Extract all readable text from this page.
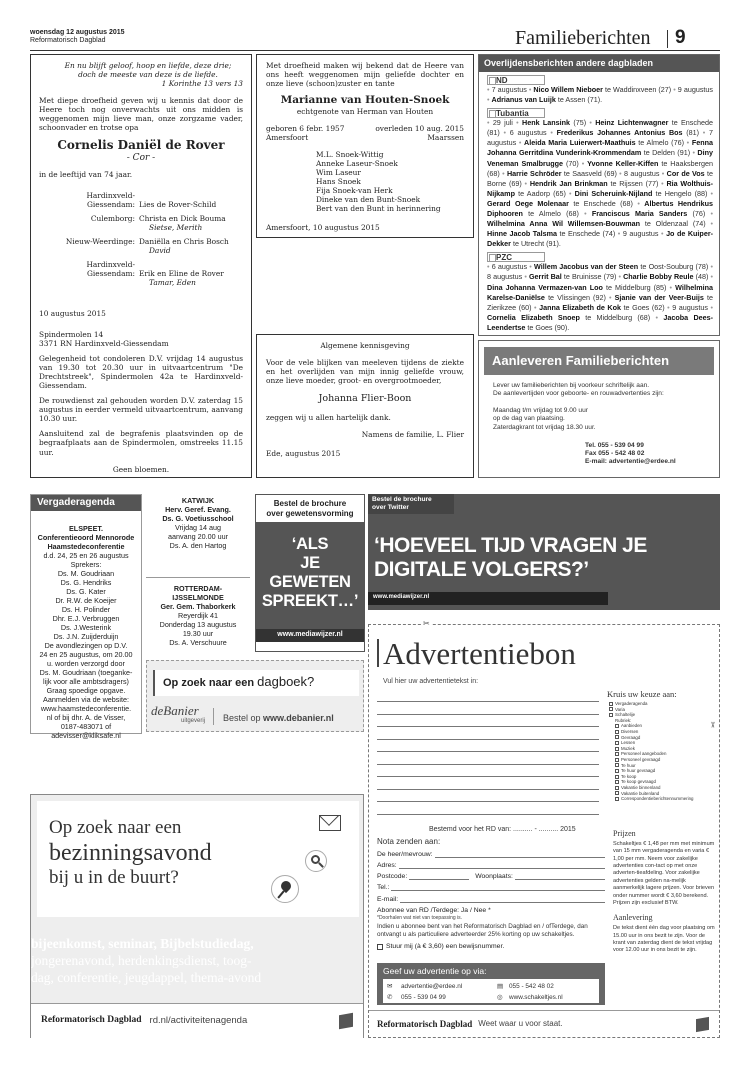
woensdag 12 augustus 2015
Reformatorisch Dagblad	Familieberichten 9
En nu blijft geloof, hoop en liefde, deze drie;
doch de meeste van deze is de liefde.
1 Korinthe 13 vers 13

Met diepe droefheid geven wij u kennis dat door de Heere toch nog onverwachts uit ons midden is weggenomen mijn lieve man, onze zorgzame vader, schoonvader en trotse opa

Cornelis Daniël de Rover
- Cor -

in de leeftijd van 74 jaar.

Hardinxveld-
Giessendam: Lies de Rover-Schild
Culemborg: Christa en Dick Bouma
Sietse, Merith
Nieuw-Weerdinge: Daniëlla en Chris Bosch
David
Hardinxveld-
Giessendam: Erik en Eline de Rover
Tamar, Eden

10 augustus 2015

Spindermolen 14

3371 RN Hardinxveld-Giessendam

Gelegenheid tot condoleren D.V. vrijdag 14 augustus van 19.30 tot 20.30 uur in uitvaartcentrum "De Drechtstreek", Spindermolen 42a te Hardinxveld-Giessendam.

De rouwdienst zal gehouden worden D.V. zaterdag 15 augustus in eerder vermeld uitvaartcentrum, aanvang 10.30 uur.

Aansluitend zal de begrafenis plaatsvinden op de begraafplaats aan de Spindermolen, omstreeks 11.15 uur.

Geen bloemen.

Met droefheid maken wij bekend dat de Heere van ons heeft weggenomen mijn geliefde dochter en onze lieve (schoon)zuster en tante

Marianne van Houten-Snoek
echtgenote van Herman van Houten
geboren 6 febr. 1957	overleden 10 aug. 2015
Amersfoort	Maarssen
M.L. Snoek-Wittig
Anneke Laseur-Snoek
Wim Laseur
Hans Snoek
Fija Snoek-van Herk
Dineke van den Bunt-Snoek
Bert van den Bunt in herinnering
Amersfoort, 10 augustus 2015
Algemene kennisgeving

Voor de vele blijken van meeleven tijdens de ziekte en het overlijden van mijn innig geliefde vrouw, onze lieve moeder, groot- en overgrootmoeder,

Johanna Flier-Boon
zeggen wij u allen hartelijk dank.
Namens de familie, L. Flier
Ede, augustus 2015
Overlijdensberichten andere dagbladen
ND
• 7 augustus • Nico Willem Nieboer te Waddinxveen (27) • 9 augustus • Adrianus van Luijk te Assen (71).
Tubantia
• 29 juli • Henk Lansink (75) • Heinz Lichtenwagner te Enschede (81) • 6 augustus • Frederikus Johannes Antonius Bos (81) • 7 augustus • Aleida Maria Luierwert-Maathuis te Almelo (76) • Fenna Johanna Gerritdina Vunderink-Krommendam te Delden (91) • Diny Veneman Smalbrugge (70) • Yvonne Keller-Kiffen te Haaksbergen (68) • Harrie Schröder te Saasveld (69) • 8 augustus • Cor de Vos te Borne (69) • Hendrik Jan Brinkman te Rijssen (77) • Ria Wolthuis-Nijkamp te Aadorp (65) • Dini Scheruink-Nijland te Hengelo (88) • Gerard Oege Molenaar te Enschede (68) • Albertus Hendrikus Diphooren te Almelo (68) • Franciscus Maria Sanders (76) • Wilhelmina Anna Wil Willemsen-Bouwman te Oldenzaal (74) • Hinne Jacob Talsma te Enschede (74) • 9 augustus • Jo de Kuiper-Dekker te Utrecht (91).
PZC
• 6 augustus • Willem Jacobus van der Steen te Oost-Souburg (78) • 8 augustus • Gerrit Bal te Bruinisse (79) • Charlie Bobby Reule (48) • Dina Johanna Vermazen-van Loo te Middelburg (85) • Wilhelmina Karelse-Daniëlse te Vlissingen (92) • Sjanie van der Veer-Buijs te Zierikzee (60) • Janna Elizabeth de Kok te Goes (62) • 9 augustus • Cornelia Elizabeth Snoep te Middelburg (68) • Jacoba Dees-Leendertse te Goes (90).
Aanleveren Familieberichten
Lever uw familieberichten bij voorkeur schriftelijk aan.
De aanlevertijden voor geboorte- en rouwadvertenties zijn:
Maandag t/m vrijdag tot 9.00 uur
op de dag van plaatsing.
Zaterdagkrant tot vrijdag 18.30 uur.
Tel. 055 - 539 04 99
Fax 055 - 542 48 02
E-mail: advertentie@erdee.nl
Vergaderagenda
ELSPEET.
Conferentieoord Mennorode
Haamstedeconferentie
d.d. 24, 25 en 26 augustus
Sprekers:
Ds. M. Goudriaan
Ds. G. Hendriks
Ds. G. Kater
Dr. R.W. de Koeijer
Ds. H. Polinder
Dhr. E.J. Verbruggen
Ds. J.Westerink
Ds. J.N. Zuijderduijn
De avondlezingen op D.V.
24 en 25 augustus, om 20.00
u. worden verzorgd door
Ds. M. Goudriaan (toeganke-
lijk voor alle ambtsdragers)
Graag spoedige opgave.
Aanmelden via de website:
www.haamstedeconferentie.
nl of bij dhr. A. de Visser,
0187-483071 of
adevisser@kliksafe.nl
KATWIJK
Herv. Geref. Evang.
Ds. G. Voetiusschool
Vrijdag 14 aug
aanvang 20.00 uur
Ds. A. den Hartog
ROTTERDAM-
IJSSELMONDE
Ger. Gem. Thaborkerk
Reyerdijk 41
Donderdag 13 augustus
19.30 uur
Ds. A. Verschuure
Bestel de brochure
over gewetensvorming
‘ALS
JE
GEWETEN
SPREEKT…’
www.mediawijzer.nl
Bestel de brochure
over Twitter
‘HOEVEEL TIJD VRAGEN JE
DIGITALE VOLGERS?’
www.mediawijzer.nl
Op zoek naar een dagboek?
deBanier
uitgeverij Bestel op www.debanier.nl
Op zoek naar een
bezinningsavond
bij u in de buurt?
bijeenkomst, seminar, Bijbelstudiedag,
jongerenavond, herdenkingsdienst, toog-
dag, conferentie, jeugdappel, thema-avond
Reformatorisch Dagblad rd.nl/activiteitenagenda
✂
✂
Advertentiebon
Vul hier uw advertentietekst in:
Kruis uw keuze aan:
Vergaderagenda
Varia
Schaltelije
Rubriek:
Aanbieden
Diversen
Gevraagd
Lessen
Muziek
Personeel aangeboden
Personeel gevraagd
Te huur
Te huur gevraagd
Te koop
Te koop gevraagd
Vakantie binnenland
Vakantie buitenland
Correspondentieberichtennummering
Bestemd voor het RD van: .......... - .......... 2015
Nota zenden aan:
De heer/mevrouw:
Adres:
Postcode:	Woonplaats:
Tel.:
E-mail:
Abonnee van RD /Terdege: Ja / Nee *
*Doorhalen wat niet van toepassing is.
Indien u abonnee bent van het Reformatorisch Dagblad en / ofTerdege, dan ontvangt u als particuliere adverteerder 25% korting op uw schakeltjes.
Stuur mij (à € 3,60) een bewijsnummer.
Geef uw advertentie op via:
✉	advertentie@erdee.nl	▤ 055 - 542 48 02
✆	055 - 539 04 99	◎	www.schakeltjes.nl
Prijzen
Schakeltjes € 1,48 per mm met minimum van 15 mm vergaderagenda en varia € 1,00 per mm. Neem voor zakelijke advertenties con-tact op met onze adverten-tieafdeling. Voor zakelijke advertenties gelden na-melijk aanmerkelijk lagere prijzen. Voor brieven onder nummer wordt € 3,60 berekend. Prijzen zijn exclusief BTW.
Aanlevering
De tekst dient één dag voor plaatsing om 15.00 uur in ons bezit te zijn. Voor de krant van zaterdag dient de tekst vrijdag voor 12.00 uur in ons bezit te zijn.
Reformatorisch Dagblad Weet waar u voor staat.
